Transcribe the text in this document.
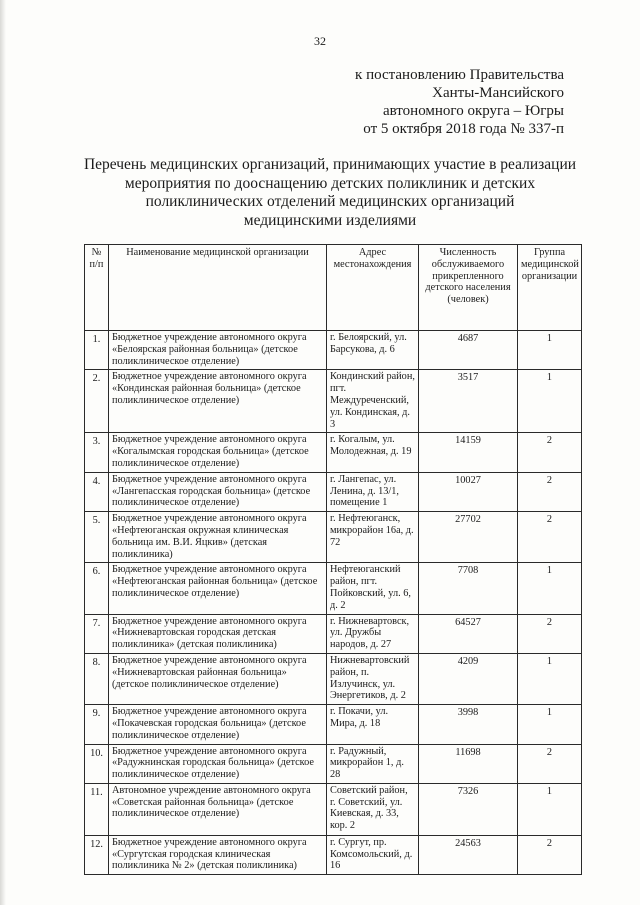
32
к постановлению Правительства
Ханты-Мансийского
автономного округа – Югры
от 5 октября 2018 года № 337-п
Перечень медицинских организаций, принимающих участие в реализации
мероприятия по дооснащению детских поликлиник и детских
поликлинических отделений медицинских организаций
медицинскими изделиями
№ п/п	Наименование медицинской организации	Адрес местонахождения	Численность обслуживаемого прикрепленного детского населения (человек)	Группа медицинской организации
1.	Бюджетное учреждение автономного округа «Белоярская районная больница» (детское поликлиническое отделение)	г. Белоярский, ул. Барсукова, д. 6	4687	1
2.	Бюджетное учреждение автономного округа «Кондинская районная больница» (детское поликлиническое отделение)	Кондинский район, пгт. Междуреченский, ул. Кондинская, д. 3	3517	1
3.	Бюджетное учреждение автономного округа «Когалымская городская больница» (детское поликлиническое отделение)	г. Когалым, ул. Молодежная, д. 19	14159	2
4.	Бюджетное учреждение автономного округа «Лангепасская городская больница» (детское поликлиническое отделение)	г. Лангепас, ул. Ленина, д. 13/1, помещение 1	10027	2
5.	Бюджетное учреждение автономного округа «Нефтеюганская окружная клиническая больница им. В.И. Яцкив» (детская поликлиника)	г. Нефтеюганск, микрорайон 16а, д. 72	27702	2
6.	Бюджетное учреждение автономного округа «Нефтеюганская районная больница» (детское поликлиническое отделение)	Нефтеюганский район, пгт. Пойковский, ул. 6, д. 2	7708	1
7.	Бюджетное учреждение автономного округа «Нижневартовская городская детская поликлиника» (детская поликлиника)	г. Нижневартовск, ул. Дружбы народов, д. 27	64527	2
8.	Бюджетное учреждение автономного округа «Нижневартовская районная больница» (детское поликлиническое отделение)	Нижневартовский район, п. Излучинск, ул. Энергетиков, д. 2	4209	1
9.	Бюджетное учреждение автономного округа «Покачевская городская больница» (детское поликлиническое отделение)	г. Покачи, ул. Мира, д. 18	3998	1
10.	Бюджетное учреждение автономного округа «Радужнинская городская больница» (детское поликлиническое отделение)	г. Радужный, микрорайон 1, д. 28	11698	2
11.	Автономное учреждение автономного округа «Советская районная больница» (детское поликлиническое отделение)	Советский район, г. Советский, ул. Киевская, д. 33, кор. 2	7326	1
12.	Бюджетное учреждение автономного округа «Сургутская городская клиническая поликлиника № 2» (детская поликлиника)	г. Сургут, пр. Комсомольский, д. 16	24563	2
